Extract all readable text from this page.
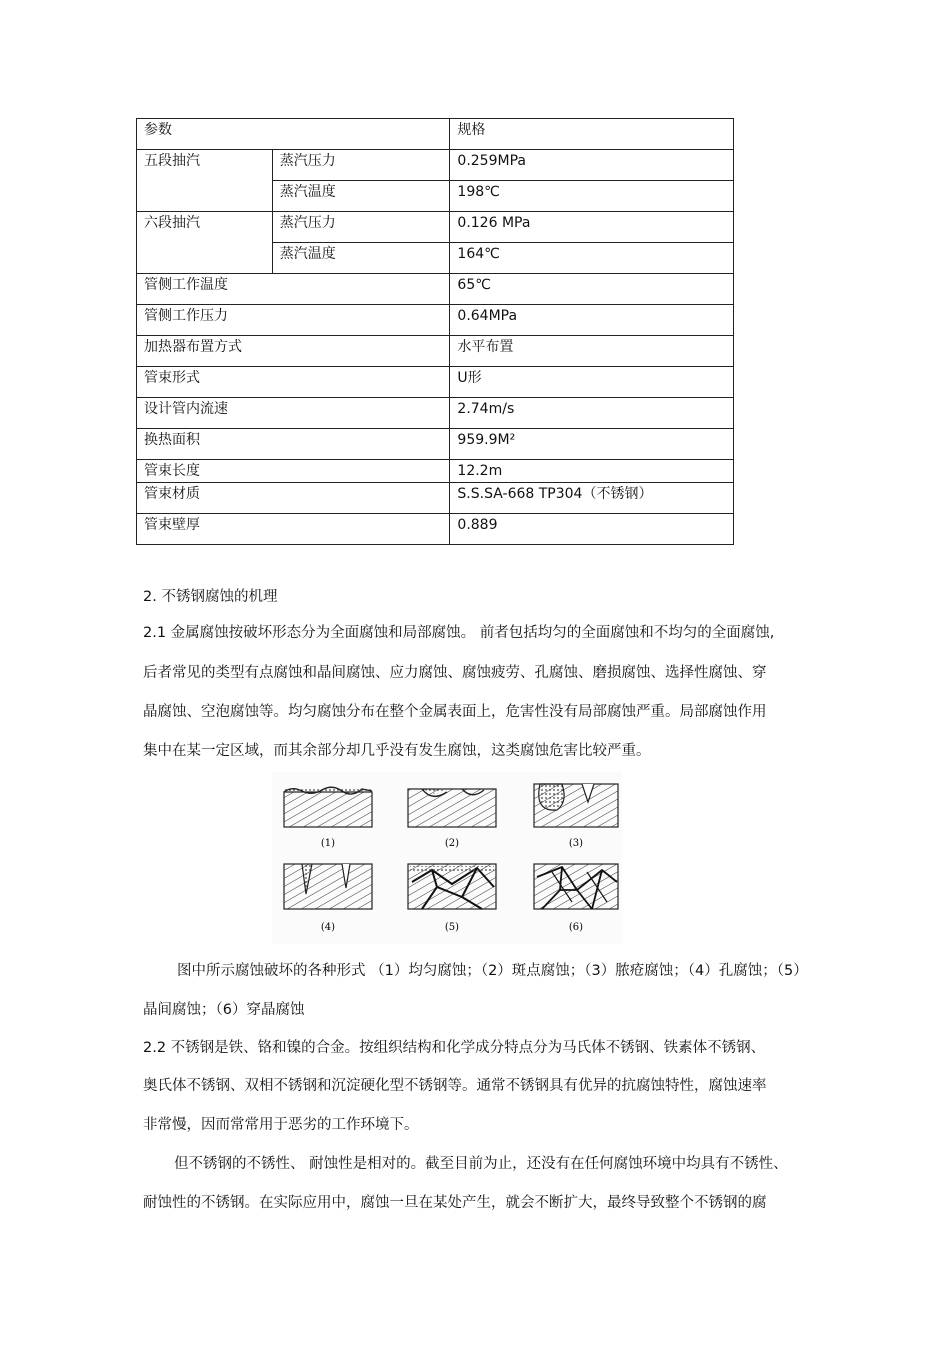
参数		规格
五段抽汽	蒸汽压力	0.259MPa
	蒸汽温度	198℃
六段抽汽	蒸汽压力	0.126 MPa
	蒸汽温度	164℃
管侧工作温度		65℃
管侧工作压力		0.64MPa
加热器布置方式		水平布置
管束形式		U形
设计管内流速		2.74m/s
换热面积		959.9M²
管束长度		12.2m
管束材质		S.S.SA-668 TP304（不锈钢）
管束壁厚		0.889
2. 不锈钢腐蚀的机理
2.1 金属腐蚀按破坏形态分为全面腐蚀和局部腐蚀。 前者包括均匀的全面腐蚀和不均匀的全面腐蚀,
后者常见的类型有点腐蚀和晶间腐蚀、应力腐蚀、腐蚀疲劳、孔腐蚀、磨损腐蚀、选择性腐蚀、穿
晶腐蚀、空泡腐蚀等。均匀腐蚀分布在整个金属表面上，危害性没有局部腐蚀严重。局部腐蚀作用
集中在某一定区域，而其余部分却几乎没有发生腐蚀，这类腐蚀危害比较严重。
(1)	(2)	(3)
(4)	(5)	(6)
图中所示腐蚀破坏的各种形式 （1）均匀腐蚀；（2）斑点腐蚀；（3）脓疮腐蚀；（4）孔腐蚀；（5）
晶间腐蚀；（6）穿晶腐蚀
2.2 不锈钢是铁、铬和镍的合金。按组织结构和化学成分特点分为马氏体不锈钢、铁素体不锈钢、
奥氏体不锈钢、双相不锈钢和沉淀硬化型不锈钢等。通常不锈钢具有优异的抗腐蚀特性，腐蚀速率
非常慢，因而常常用于恶劣的工作环境下。
但不锈钢的不锈性、 耐蚀性是相对的。截至目前为止，还没有在任何腐蚀环境中均具有不锈性、
耐蚀性的不锈钢。在实际应用中，腐蚀一旦在某处产生，就会不断扩大，最终导致整个不锈钢的腐
